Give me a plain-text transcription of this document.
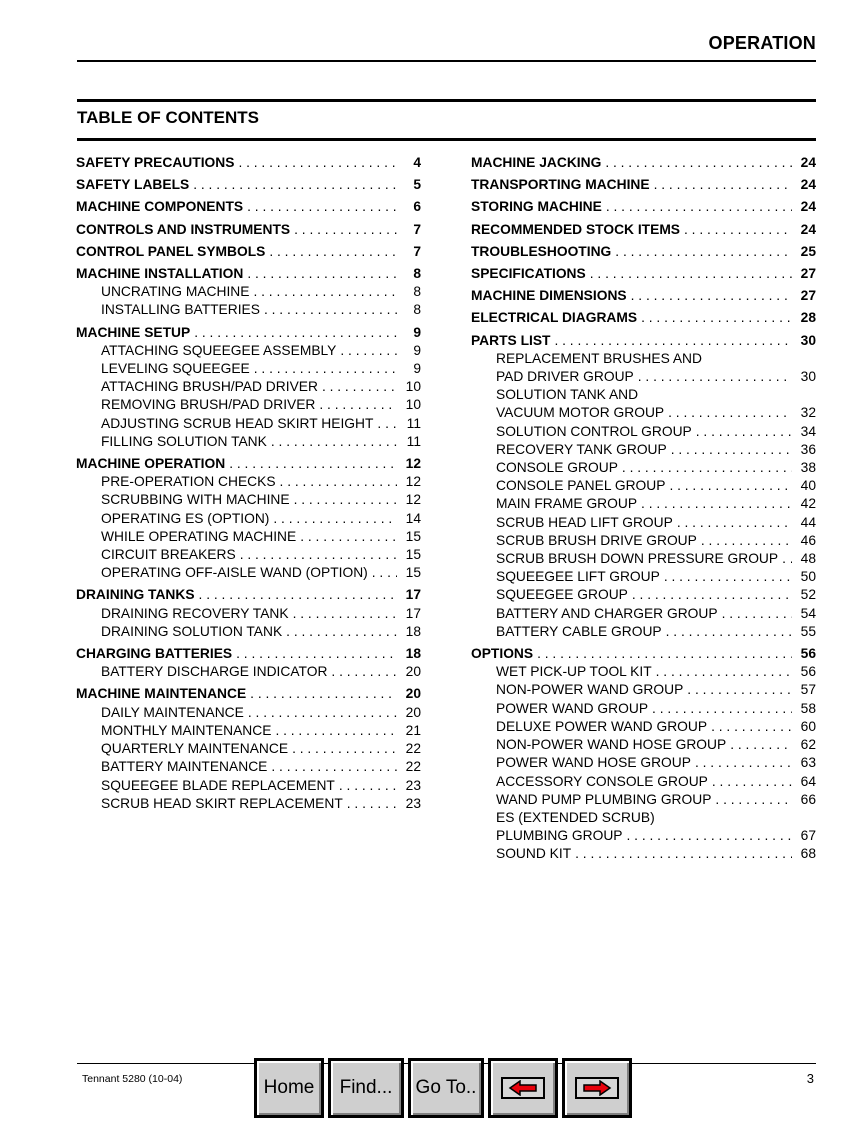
OPERATION
TABLE OF CONTENTS
SAFETY PRECAUTIONS . . .	4
SAFETY LABELS . . .	5
MACHINE COMPONENTS . . .	6
CONTROLS AND INSTRUMENTS . . .	7
CONTROL PANEL SYMBOLS . . .	7
MACHINE INSTALLATION . . .	8
UNCRATING MACHINE . . .	8
INSTALLING BATTERIES . . .	8
MACHINE SETUP . . .	9
ATTACHING SQUEEGEE ASSEMBLY . . .	9
LEVELING SQUEEGEE . . .	9
ATTACHING BRUSH/PAD DRIVER . . .	10
REMOVING BRUSH/PAD DRIVER . . .	10
ADJUSTING SCRUB HEAD SKIRT HEIGHT . . . 11
FILLING SOLUTION TANK . . .	11
MACHINE OPERATION . . .	12
PRE-OPERATION CHECKS . . .	12
SCRUBBING WITH MACHINE . . .	12
OPERATING ES (OPTION) . . .	14
WHILE OPERATING MACHINE . . .	15
CIRCUIT BREAKERS . . .	15
OPERATING OFF-AISLE WAND (OPTION) . . .	15
DRAINING TANKS . . .	17
DRAINING RECOVERY TANK . . .	17
DRAINING SOLUTION TANK . . .	18
CHARGING BATTERIES . . .	18
BATTERY DISCHARGE INDICATOR . . .	20
MACHINE MAINTENANCE . . .	20
DAILY MAINTENANCE . . .	20
MONTHLY MAINTENANCE . . .	21
QUARTERLY MAINTENANCE . . .	22
BATTERY MAINTENANCE . . .	22
SQUEEGEE BLADE REPLACEMENT . . .	23
SCRUB HEAD SKIRT REPLACEMENT . . .	23
MACHINE JACKING . . .	24
TRANSPORTING MACHINE . . .	24
STORING MACHINE . . .	24
RECOMMENDED STOCK ITEMS . . .	24
TROUBLESHOOTING . . .	25
SPECIFICATIONS . . .	27
MACHINE DIMENSIONS . . .	27
ELECTRICAL DIAGRAMS . . .	28
PARTS LIST . . .	30
REPLACEMENT BRUSHES AND
PAD DRIVER GROUP . . .	30
SOLUTION TANK AND
VACUUM MOTOR GROUP . . .	32
SOLUTION CONTROL GROUP . . .	34
RECOVERY TANK GROUP . . .	36
CONSOLE GROUP . . .	38
CONSOLE PANEL GROUP . . .	40
MAIN FRAME GROUP . . .	42
SCRUB HEAD LIFT GROUP . . .	44
SCRUB BRUSH DRIVE GROUP . . .	46
SCRUB BRUSH DOWN PRESSURE GROUP . . . 48
SQUEEGEE LIFT GROUP . . .	50
SQUEEGEE GROUP . . .	52
BATTERY AND CHARGER GROUP . . .	54
BATTERY CABLE GROUP . . .	55
OPTIONS . . .	56
WET PICK-UP TOOL KIT . . .	56
NON-POWER WAND GROUP . . .	57
POWER WAND GROUP . . .	58
DELUXE POWER WAND GROUP . . .	60
NON-POWER WAND HOSE GROUP . . .	62
POWER WAND HOSE GROUP . . .	63
ACCESSORY CONSOLE GROUP . . .	64
WAND PUMP PLUMBING GROUP . . .	66
ES (EXTENDED SCRUB)
PLUMBING GROUP . . .	67
SOUND KIT . . .	68
Tennant 5280 (10-04)	3
Home	Find...	Go To..
